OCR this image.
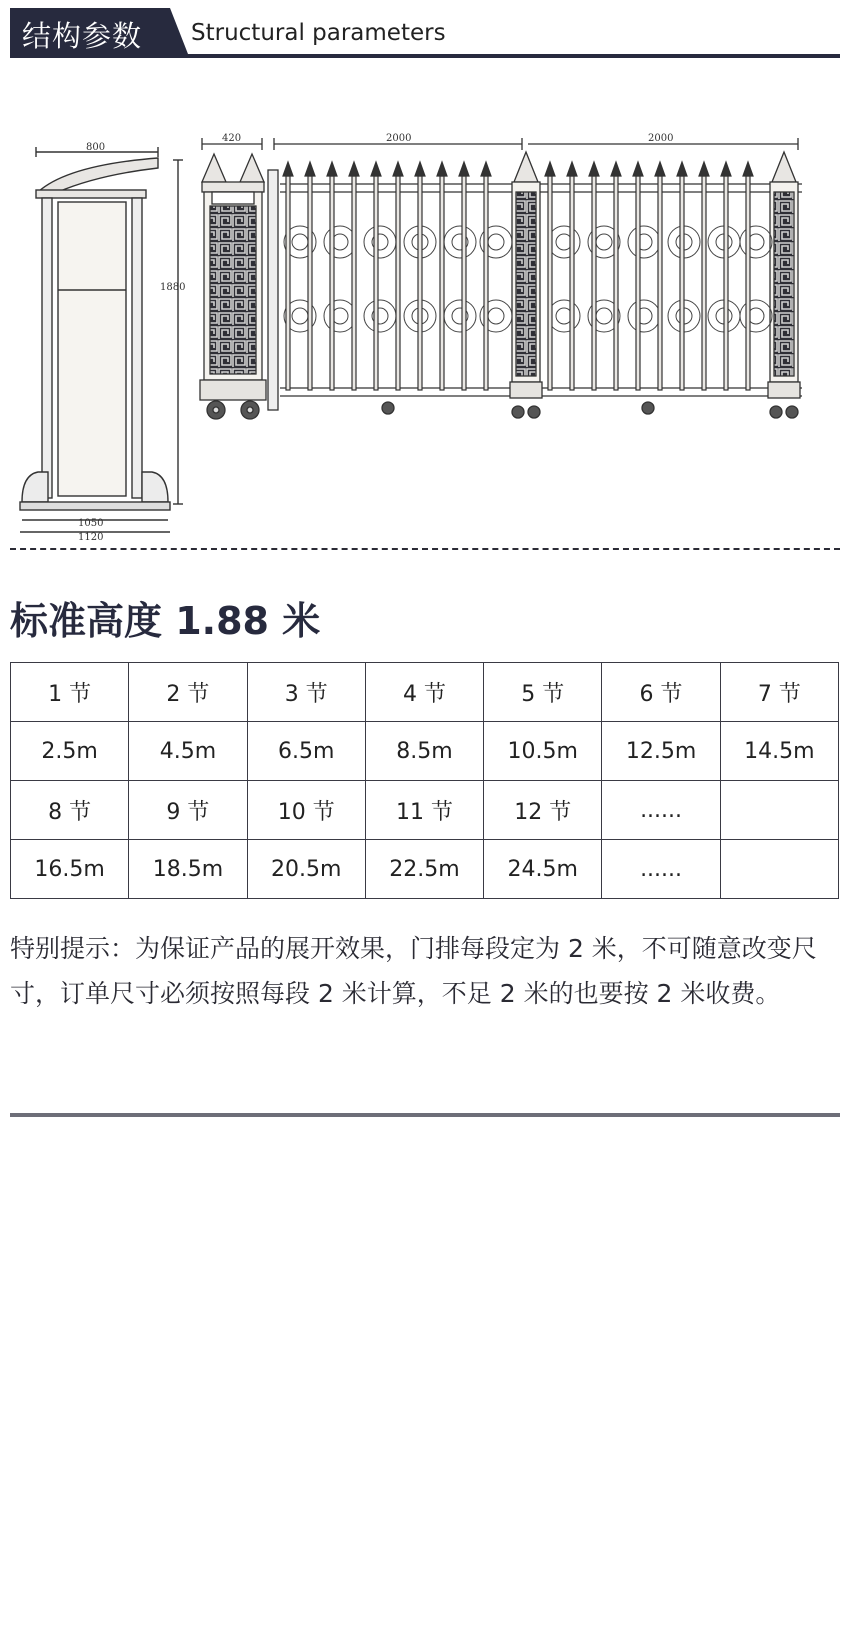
结构参数 Structural parameters
800
1880
1050
1120
420	2000	2000
标准高度 1.88 米
1 节	2 节	3 节	4 节	5 节	6 节	7 节
2.5m	4.5m	6.5m	8.5m	10.5m	12.5m	14.5m
8 节	9 节	10 节	11 节	12 节	......	
16.5m	18.5m	20.5m	22.5m	24.5m	......	
特别提示：为保证产品的展开效果，门排每段定为 2 米，不可随意改变尺寸，订单尺寸必须按照每段 2 米计算，不足 2 米的也要按 2 米收费。
